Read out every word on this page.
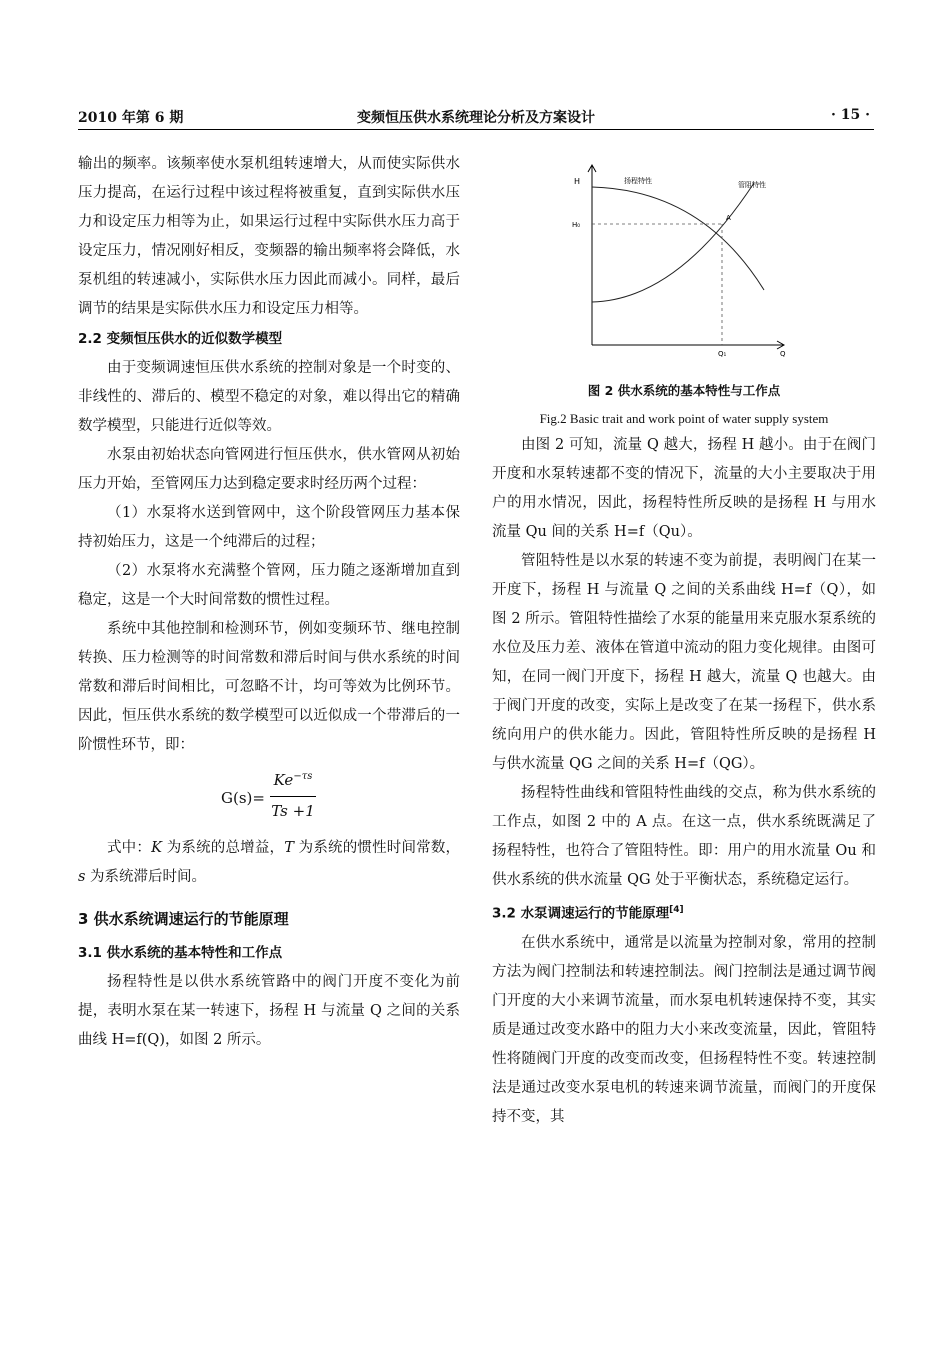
2010 年第 6 期	变频恒压供水系统理论分析及方案设计	· 15 ·
输出的频率。该频率使水泵机组转速增大，从而使实际供水压力提高，在运行过程中该过程将被重复，直到实际供水压力和设定压力相等为止，如果运行过程中实际供水压力高于设定压力，情况刚好相反，变频器的输出频率将会降低，水泵机组的转速减小，实际供水压力因此而减小。同样，最后调节的结果是实际供水压力和设定压力相等。
2.2 变频恒压供水的近似数学模型
由于变频调速恒压供水系统的控制对象是一个时变的、非线性的、滞后的、模型不稳定的对象，难以得出它的精确数学模型，只能进行近似等效。
水泵由初始状态向管网进行恒压供水，供水管网从初始压力开始，至管网压力达到稳定要求时经历两个过程：
（1）水泵将水送到管网中，这个阶段管网压力基本保持初始压力，这是一个纯滞后的过程；
（2）水泵将水充满整个管网，压力随之逐渐增加直到稳定，这是一个大时间常数的惯性过程。
系统中其他控制和检测环节，例如变频环节、继电控制转换、压力检测等的时间常数和滞后时间与供水系统的时间常数和滞后时间相比，可忽略不计，均可等效为比例环节。因此，恒压供水系统的数学模型可以近似成一个带滞后的一阶惯性环节，即：
G(s)=
$Ke^{-\tau s}$
Ts +1
式中：K 为系统的总增益，T 为系统的惯性时间常数，s 为系统滞后时间。
3 供水系统调速运行的节能原理
3.1 供水系统的基本特性和工作点
扬程特性是以供水系统管路中的阀门开度不变化为前提，表明水泵在某一转速下，扬程 H 与流量 Q 之间的关系曲线 H=f(Q)，如图 2 所示。
H
H₀
Q₁	Q
扬程特性	管阻特性
A
图 2 供水系统的基本特性与工作点
Fig.2 Basic trait and work point of water supply system
由图 2 可知，流量 Q 越大，扬程 H 越小。由于在阀门开度和水泵转速都不变的情况下，流量的大小主要取决于用户的用水情况，因此，扬程特性所反映的是扬程 H 与用水流量 Qu 间的关系 H=f（Qu）。
管阻特性是以水泵的转速不变为前提，表明阀门在某一开度下，扬程 H 与流量 Q 之间的关系曲线 H=f（Q），如图 2 所示。管阻特性描绘了水泵的能量用来克服水泵系统的水位及压力差、液体在管道中流动的阻力变化规律。由图可知，在同一阀门开度下，扬程 H 越大，流量 Q 也越大。由于阀门开度的改变，实际上是改变了在某一扬程下，供水系统向用户的供水能力。因此，管阻特性所反映的是扬程 H 与供水流量 QG 之间的关系 H=f（QG）。
扬程特性曲线和管阻特性曲线的交点，称为供水系统的工作点，如图 2 中的 A 点。在这一点，供水系统既满足了扬程特性，也符合了管阻特性。即：用户的用水流量 Ou 和供水系统的供水流量 QG 处于平衡状态，系统稳定运行。
3.2 水泵调速运行的节能原理[4]
在供水系统中，通常是以流量为控制对象，常用的控制方法为阀门控制法和转速控制法。阀门控制法是通过调节阀门开度的大小来调节流量，而水泵电机转速保持不变，其实质是通过改变水路中的阻力大小来改变流量，因此，管阻特性将随阀门开度的改变而改变，但扬程特性不变。转速控制法是通过改变水泵电机的转速来调节流量，而阀门的开度保持不变，其
